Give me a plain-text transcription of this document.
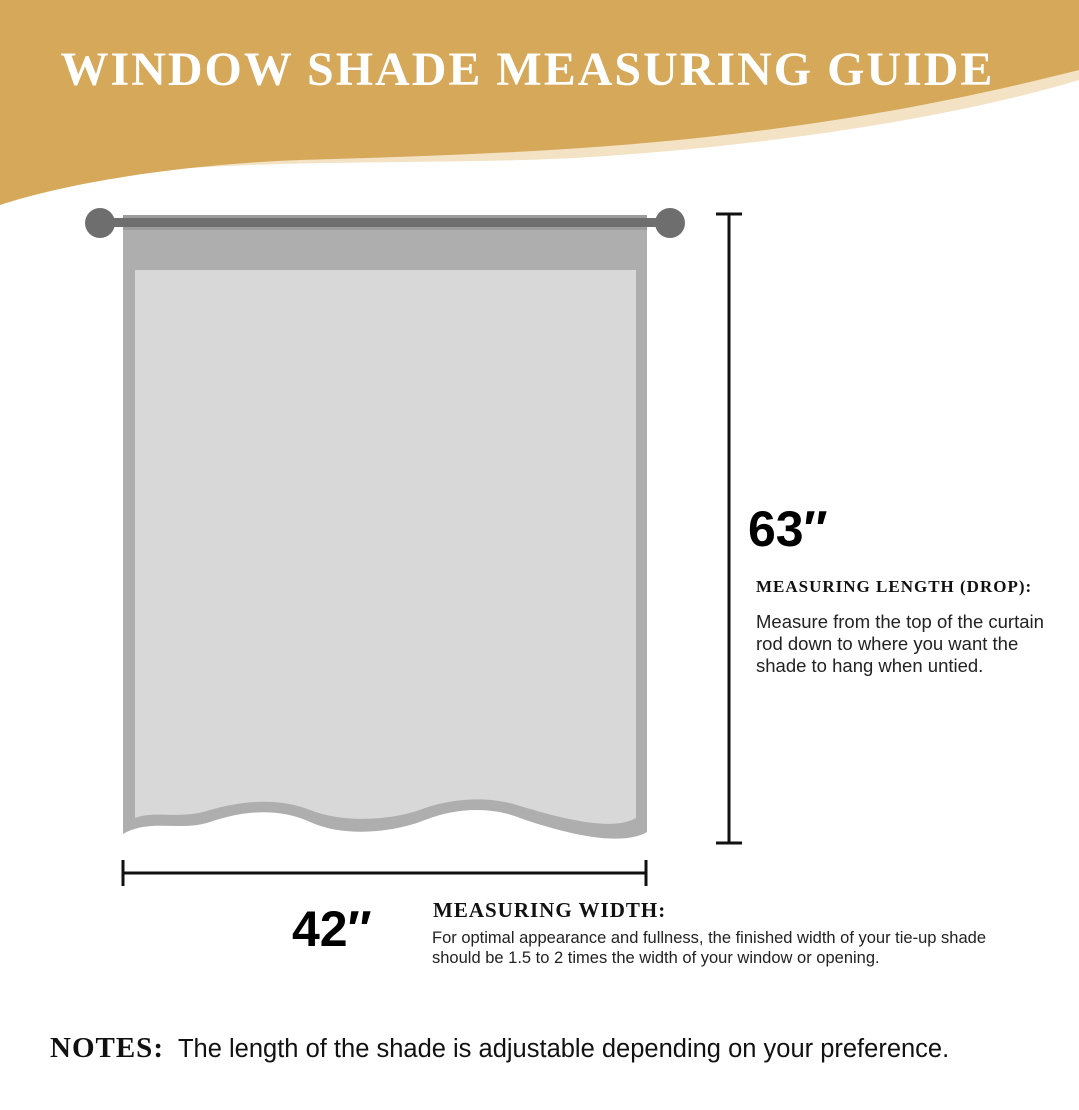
WINDOW SHADE MEASURING GUIDE
63″
MEASURING LENGTH (DROP):
Measure from the top of the curtain rod down to where you want the shade to hang when untied.
42″	MEASURING WIDTH:
For optimal appearance and fullness, the finished width of your tie-up shade should be 1.5 to 2 times the width of your window or opening.
NOTES: The length of the shade is adjustable depending on your preference.
